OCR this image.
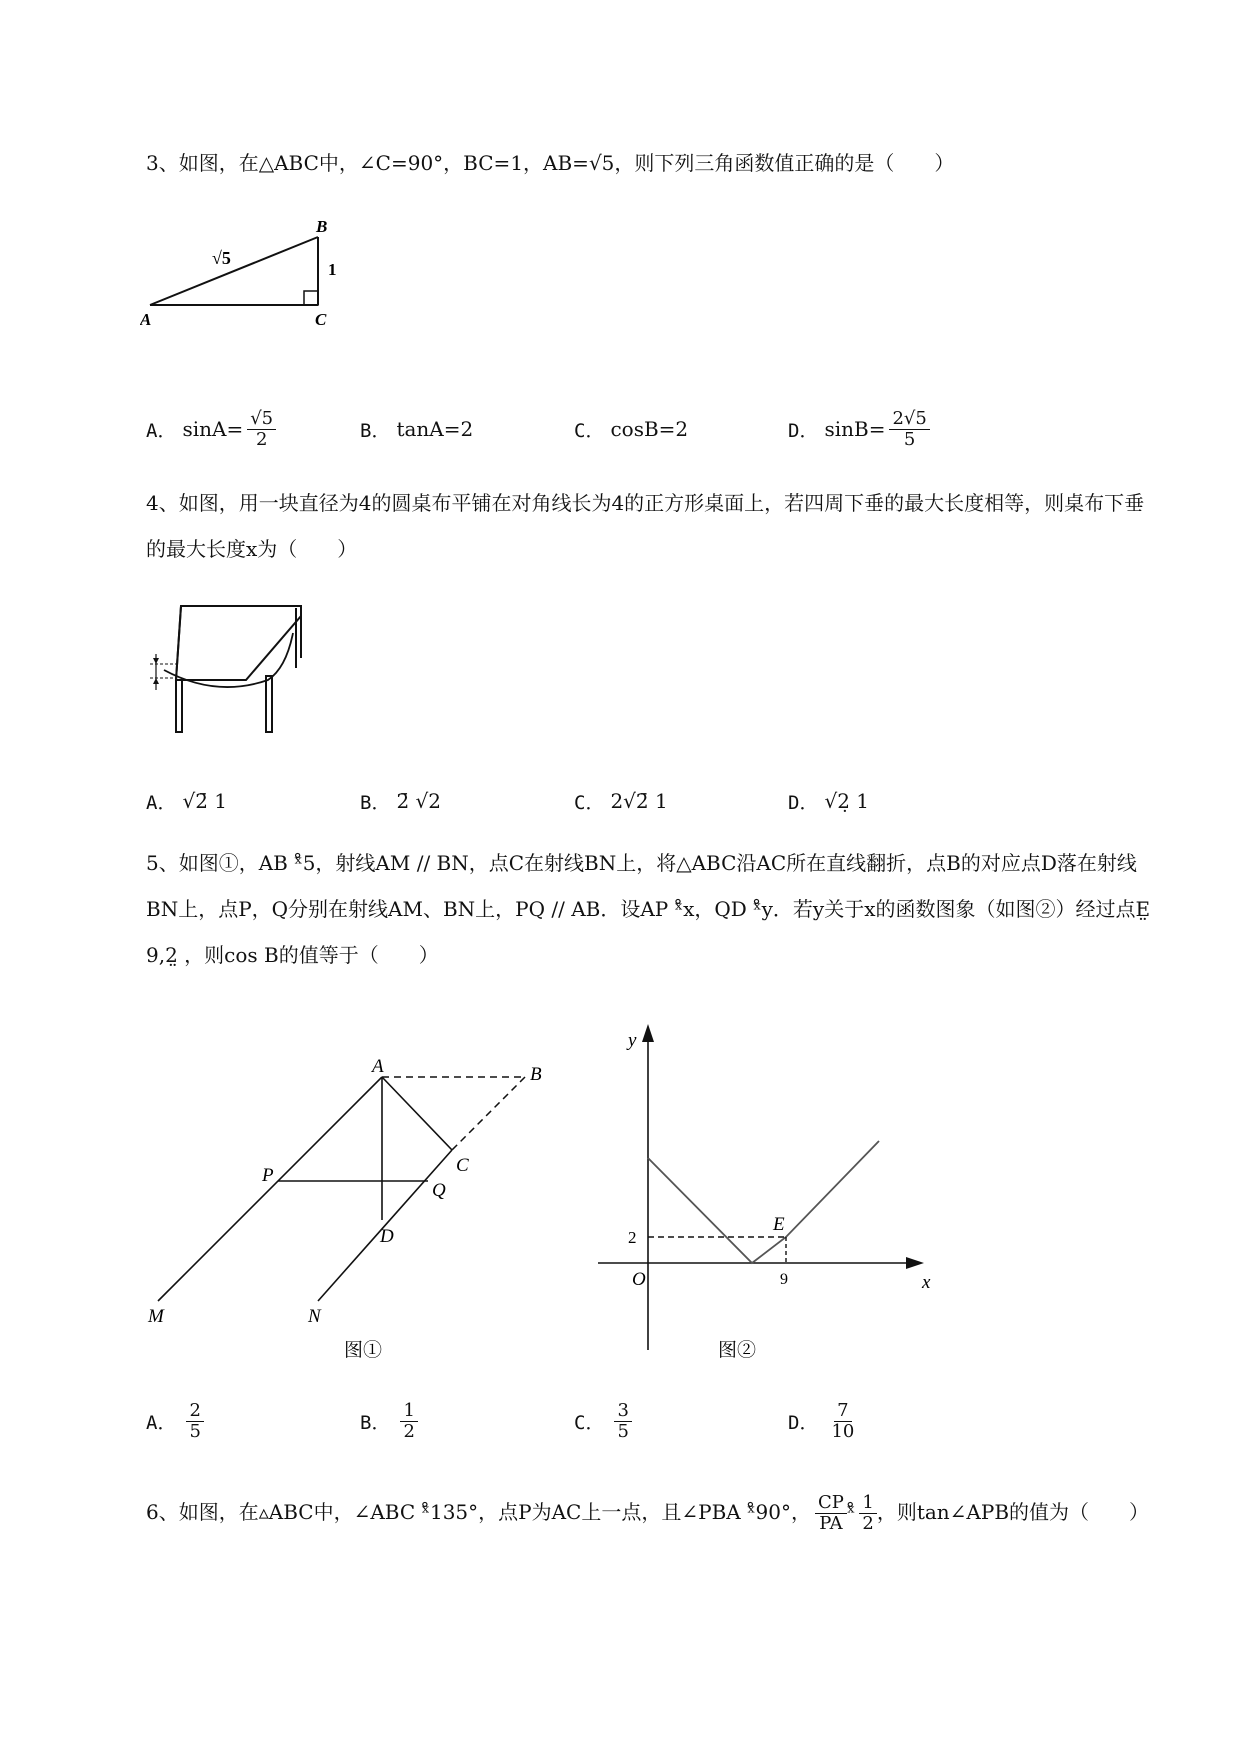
3、如图，在△ABC中，∠C=90°，BC=1，AB=√5，则下列三角函数值正确的是（　　）
A
B
C
√5
1
A． $\sin A= \frac{√5}{2}$	B． tanA=2	C． cosB=2	D． $\sin B= \frac{2√5}{5}$
4、如图，用一块直径为4的圆桌布平铺在对角线长为4的正方形桌面上，若四周下垂的最大长度相等，则桌布下垂的最大长度x为（　　）
A． √2̄ 1	B． 2̄ √2	C． 2√2̄ 1	D． √2̣ 1
5、如图①，AB ˣ̊5，射线AM // BN，点C在射线BN上，将△ABC沿AC所在直线翻折，点B的对应点D落在射线BN上，点P，Q分别在射线AM、BN上，PQ // AB．设AP ˣ̊x，QD ˣ̊y．若y关于x的函数图象（如图②）经过点E̤ 9,2̤ ，则cos B的值等于（　　）
A	B
C
P
Q
D
M	N
图①
y
x
O
2
9
E
图②
A． $\frac{2}{5}$	B． $\frac{1}{2}$	C． $\frac{3}{5}$	D． $\frac{7}{10}$
6、如图，在▵ABC中，∠ABC ˣ̊135°，点P为AC上一点，且∠PBA ˣ̊90°， $\frac{CP}{PA}$ ˣ̊ $\frac{1}{2}$ ，则tan∠APB的值为（　　）
